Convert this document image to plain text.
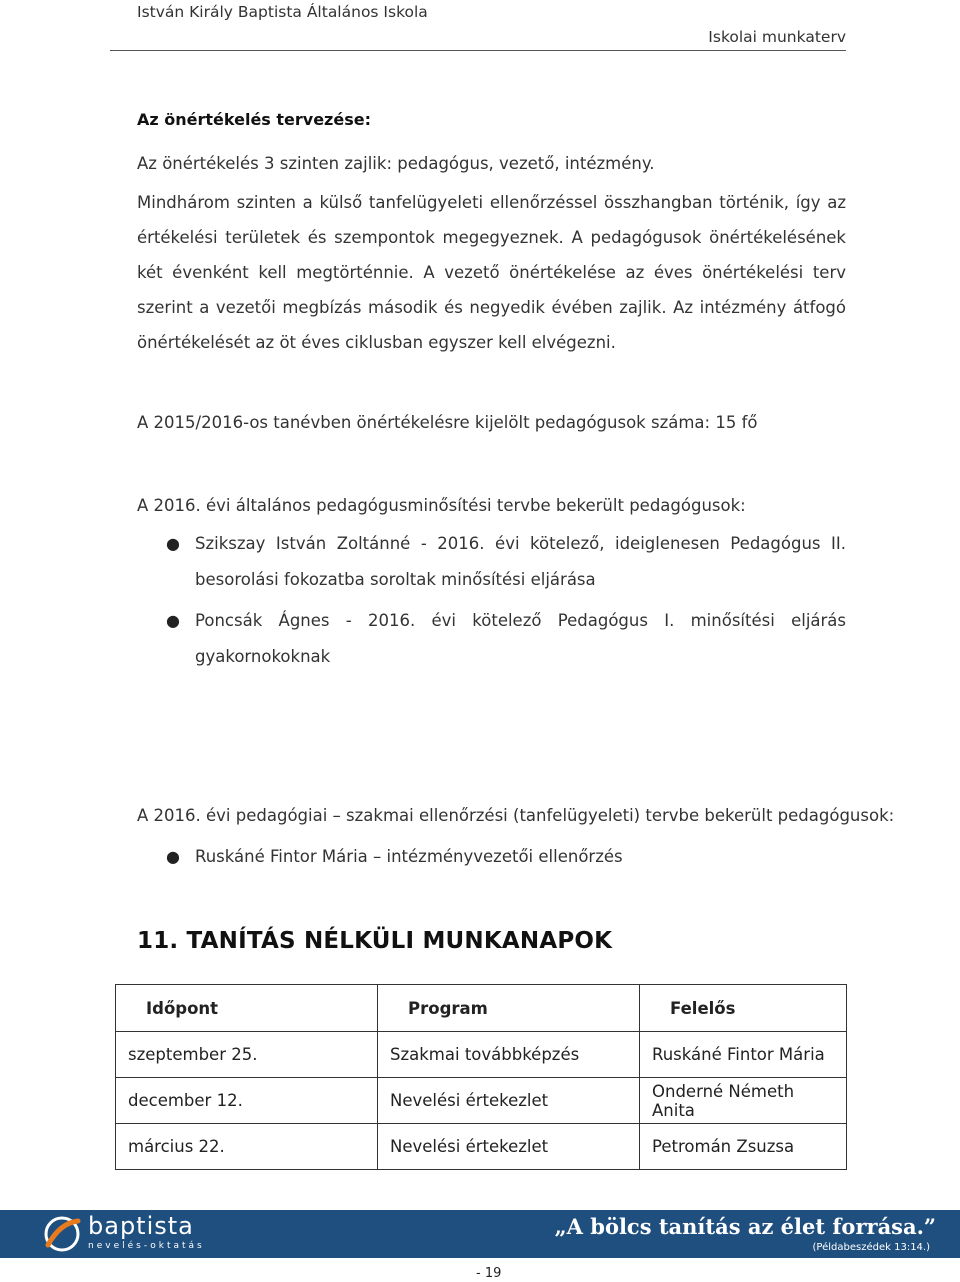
István Király Baptista Általános Iskola
Iskolai munkaterv
Az önértékelés tervezése:
Az önértékelés 3 szinten zajlik: pedagógus, vezető, intézmény.
Mindhárom szinten a külső tanfelügyeleti ellenőrzéssel összhangban történik, így az értékelési területek és szempontok megegyeznek. A pedagógusok önértékelésének két évenként kell megtörténnie. A vezető önértékelése az éves önértékelési terv szerint a vezetői megbízás második és negyedik évében zajlik. Az intézmény átfogó önértékelését az öt éves ciklusban egyszer kell elvégezni.
A 2015/2016-os tanévben önértékelésre kijelölt pedagógusok száma: 15 fő
A 2016. évi általános pedagógusminősítési tervbe bekerült pedagógusok:
● Szikszay István Zoltánné - 2016. évi kötelező, ideiglenesen Pedagógus II. besorolási fokozatba soroltak minősítési eljárása
● Poncsák Ágnes - 2016. évi kötelező Pedagógus I. minősítési eljárás gyakornokoknak
A 2016. évi pedagógiai – szakmai ellenőrzési (tanfelügyeleti) tervbe bekerült pedagógusok:
● Ruskáné Fintor Mária – intézményvezetői ellenőrzés
11. TANÍTÁS NÉLKÜLI MUNKANAPOK
Időpont	Program	Felelős
szeptember 25.	Szakmai továbbképzés	Ruskáné Fintor Mária
december 12.	Nevelési értekezlet	Onderné Németh Anita
március 22.	Nevelési értekezlet	Petromán Zsuzsa
baptista
nevelés-oktatás
„A bölcs tanítás az élet forrása.”
(Példabeszédek 13:14.)
- 19
